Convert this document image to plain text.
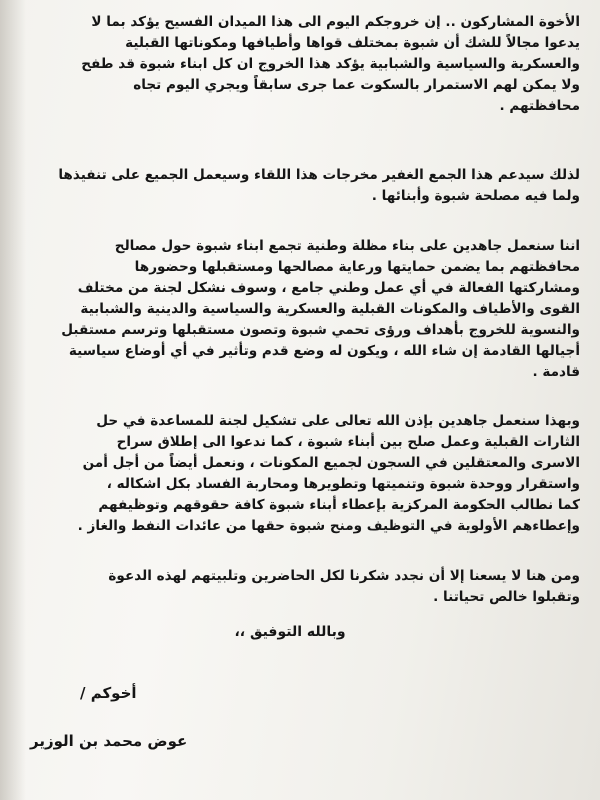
الأخوة المشاركون .. إن خروجكم اليوم الى هذا الميدان الفسيح يؤكد بما لا
يدعوا مجالاً للشك أن شبوة بمختلف قواها وأطيافها ومكوناتها القبلية
والعسكرية والسياسية والشبابية يؤكد هذا الخروج ان كل ابناء شبوة قد طفح
ولا يمكن لهم الاستمرار بالسكوت عما جرى سابقاً ويجري اليوم تجاه
محافظتهم .
لذلك سيدعم هذا الجمع الغفير مخرجات هذا اللقاء وسيعمل الجميع على تنفيذها
ولما فيه مصلحة شبوة وأبنائها .
اننا سنعمل جاهدين على بناء مظلة وطنية تجمع ابناء شبوة حول مصالح
محافظتهم بما يضمن حمايتها ورعاية مصالحها ومستقبلها وحضورها
ومشاركتها الفعالة في أي عمل وطني جامع ، وسوف نشكل لجنة من مختلف
القوى والأطياف والمكونات القبلية والعسكرية والسياسية والدينية والشبابية
والنسوية للخروج بأهداف ورؤى تحمي شبوة وتصون مستقبلها وترسم مستقبل
أجيالها القادمة إن شاء الله ، ويكون له وضع قدم وتأثير في أي أوضاع سياسية
قادمة .
وبهذا سنعمل جاهدين بإذن الله تعالى على تشكيل لجنة للمساعدة في حل
الثارات القبلية وعمل صلح بين أبناء شبوة ، كما ندعوا الى إطلاق سراح
الاسرى والمعتقلين في السجون لجميع المكونات ، ونعمل أيضاً من أجل أمن
واستقرار ووحدة شبوة وتنميتها وتطويرها ومحاربة الفساد بكل اشكاله ،
كما نطالب الحكومة المركزية بإعطاء أبناء شبوة كافة حقوقهم وتوظيفهم
وإعطاءهم الأولوية في التوظيف ومنح شبوة حقها من عائدات النفط والغاز .
ومن هنا لا يسعنا إلا أن نجدد شكرنا لكل الحاضرين وتلبيتهم لهذه الدعوة
وتقبلوا خالص تحياتنا .
وبالله التوفيق ،،
أخوكم /
عوض محمد بن الوزير
